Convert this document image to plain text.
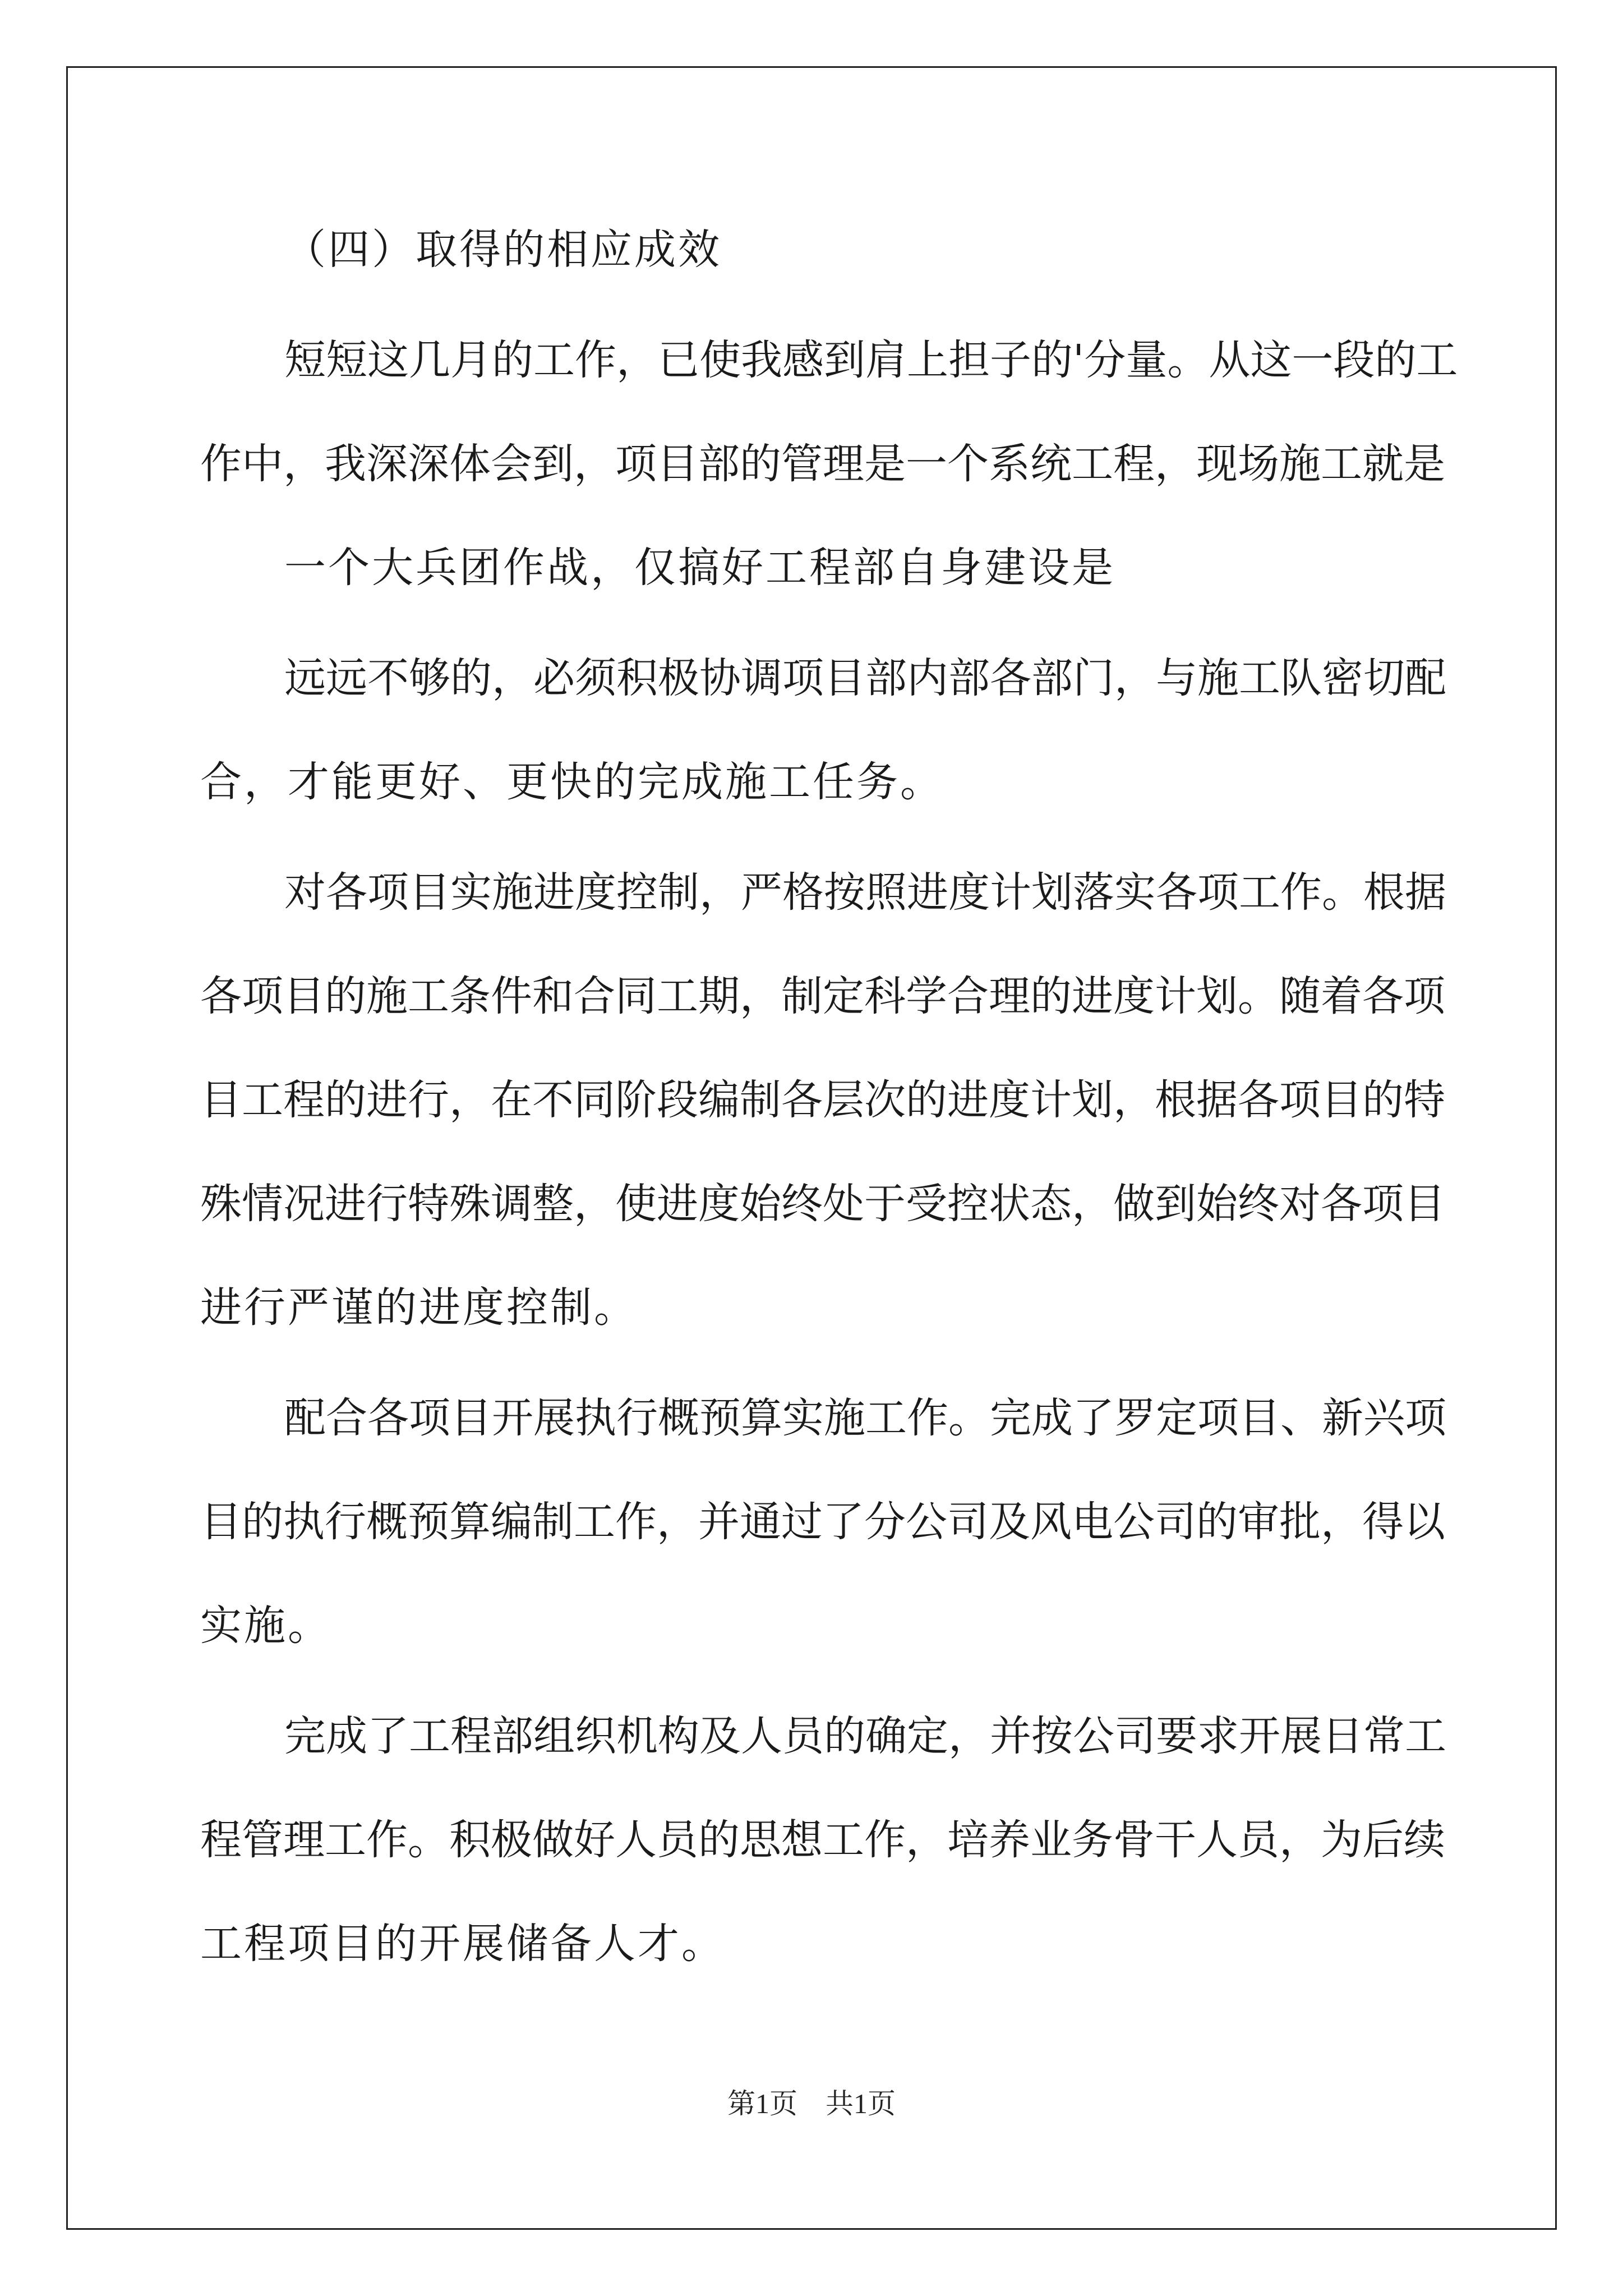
（四）取得的相应成效
短短这几月的工作，已使我感到肩上担子的'分量。从这一段的工
作中，我深深体会到，项目部的管理是一个系统工程，现场施工就是
一个大兵团作战，仅搞好工程部自身建设是
远远不够的，必须积极协调项目部内部各部门，与施工队密切配
合，才能更好、更快的完成施工任务。
对各项目实施进度控制，严格按照进度计划落实各项工作。根据
各项目的施工条件和合同工期，制定科学合理的进度计划。随着各项
目工程的进行，在不同阶段编制各层次的进度计划，根据各项目的特
殊情况进行特殊调整，使进度始终处于受控状态，做到始终对各项目
进行严谨的进度控制。
配合各项目开展执行概预算实施工作。完成了罗定项目、新兴项
目的执行概预算编制工作，并通过了分公司及风电公司的审批，得以
实施。
完成了工程部组织机构及人员的确定，并按公司要求开展日常工
程管理工作。积极做好人员的思想工作，培养业务骨干人员，为后续
工程项目的开展储备人才。
第1页　共1页
